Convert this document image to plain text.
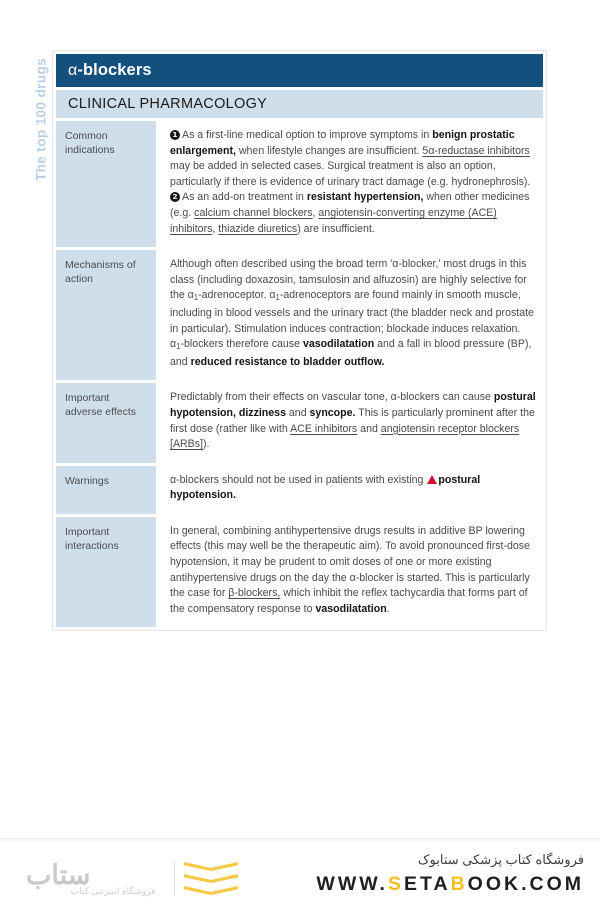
The top 100 drugs α-blockers
CLINICAL PHARMACOLOGY
Common indications
1 As a first-line medical option to improve symptoms in benign prostatic enlargement, when lifestyle changes are insufficient. 5α-reductase inhibitors may be added in selected cases. Surgical treatment is also an option, particularly if there is evidence of urinary tract damage (e.g. hydronephrosis).
2 As an add-on treatment in resistant hypertension, when other medicines (e.g. calcium channel blockers, angiotensin-converting enzyme (ACE) inhibitors, thiazide diuretics) are insufficient.
Mechanisms of action
Although often described using the broad term 'α-blocker,' most drugs in this class (including doxazosin, tamsulosin and alfuzosin) are highly selective for the $\alpha_1$-adrenoceptor. $\alpha_1$-adrenoceptors are found mainly in smooth muscle, including in blood vessels and the urinary tract (the bladder neck and prostate in particular). Stimulation induces contraction; blockade induces relaxation. $\alpha_1$-blockers therefore cause vasodilatation and a fall in blood pressure (BP), and reduced resistance to bladder outflow.
Important adverse effects
Predictably from their effects on vascular tone, α-blockers can cause postural hypotension, dizziness and syncope. This is particularly prominent after the first dose (rather like with ACE inhibitors and angiotensin receptor blockers [ARBs]).
Warnings	α-blockers should not be used in patients with existing postural hypotension.
Important interactions
In general, combining antihypertensive drugs results in additive BP lowering effects (this may well be the therapeutic aim). To avoid pronounced first-dose hypotension, it may be prudent to omit doses of one or more existing antihypertensive drugs on the day the α-blocker is started. This is particularly the case for β-blockers, which inhibit the reflex tachycardia that forms part of the compensatory response to vasodilatation.
ستاب
فروشگاه اینترنتی کتاب
فروشگاه کتاب پزشکی ستابوک
WWW.SETABOOK.COM
